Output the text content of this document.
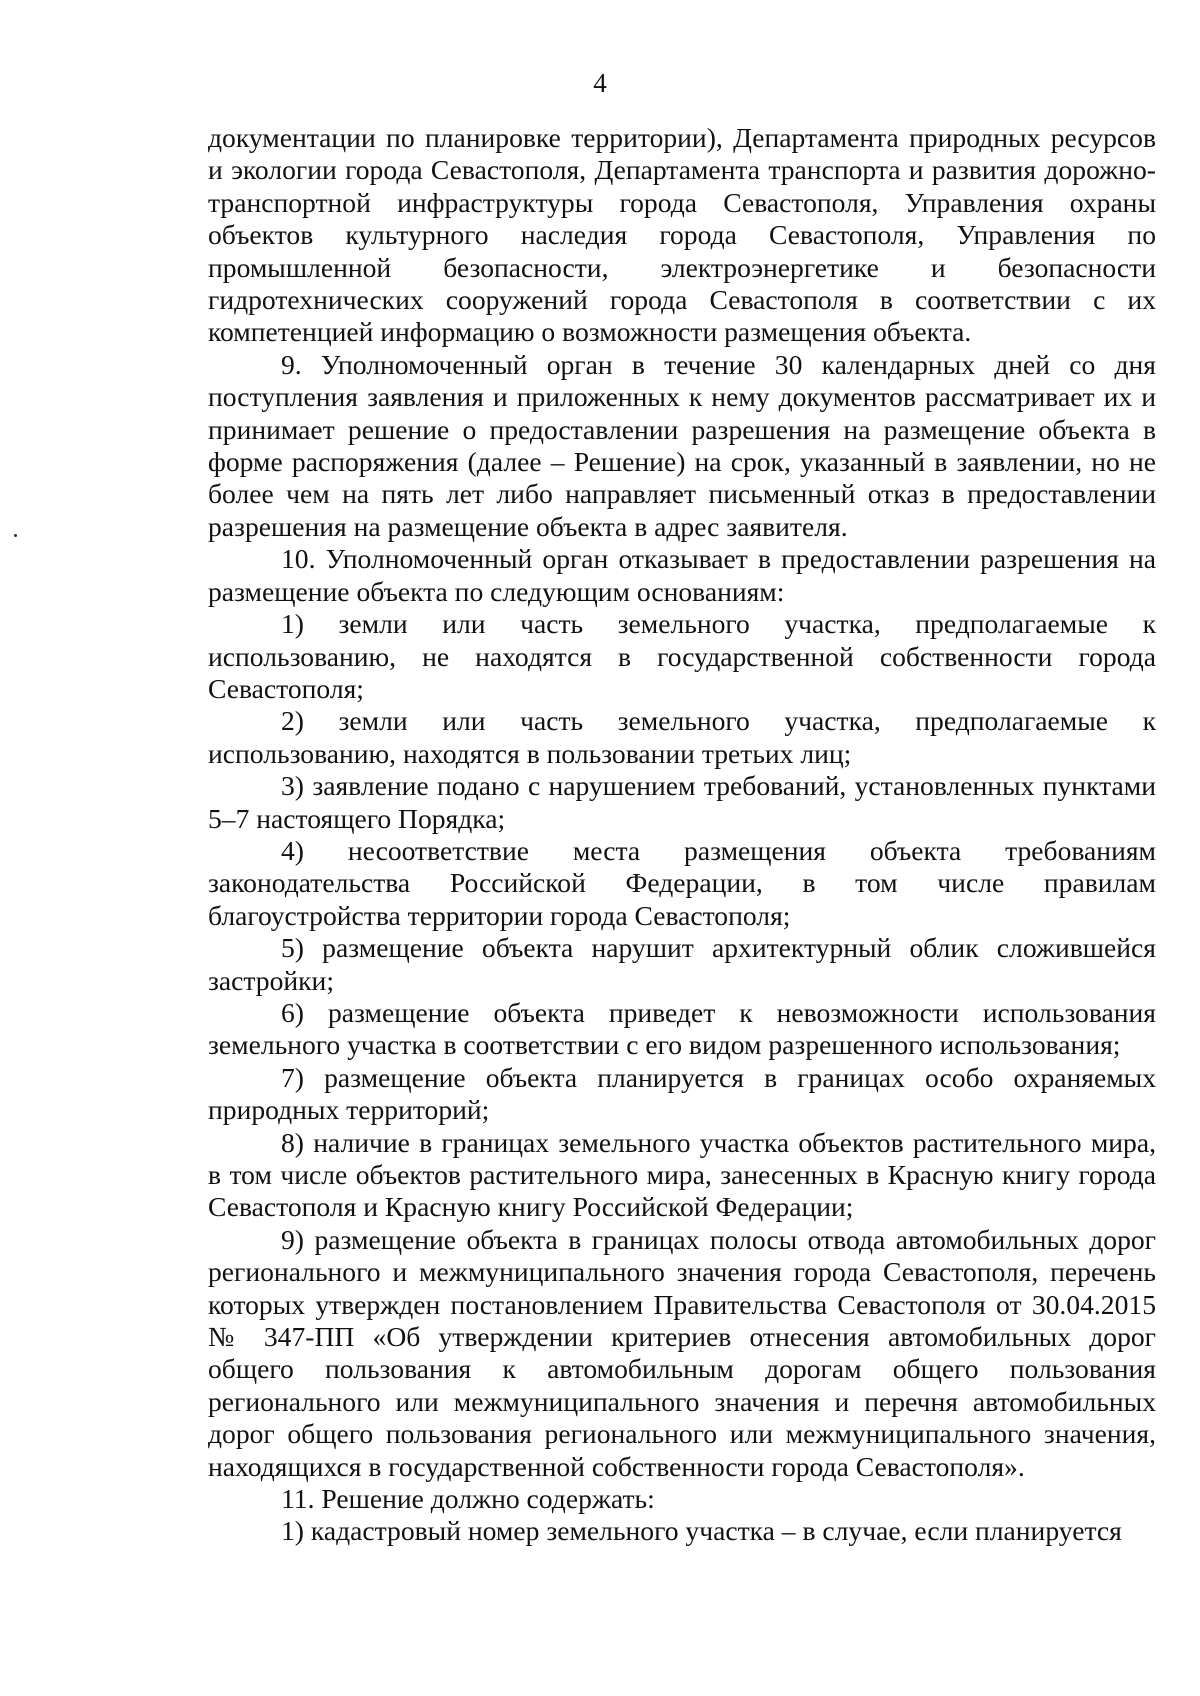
4

документации по планировке территории), Департамента природных ресурсов и экологии города Севастополя, Департамента транспорта и развития дорожно-транспортной инфраструктуры города Севастополя, Управления охраны объектов культурного наследия города Севастополя, Управления по промышленной безопасности, электроэнергетике и безопасности гидротехнических сооружений города Севастополя в соответствии с их компетенцией информацию о возможности размещения объекта.

9. Уполномоченный орган в течение 30 календарных дней со дня поступления заявления и приложенных к нему документов рассматривает их и принимает решение о предоставлении разрешения на размещение объекта в форме распоряжения (далее – Решение) на срок, указанный в заявлении, но не более чем на пять лет либо направляет письменный отказ в предоставлении разрешения на размещение объекта в адрес заявителя.

10. Уполномоченный орган отказывает в предоставлении разрешения на размещение объекта по следующим основаниям:

1) земли или часть земельного участка, предполагаемые к использованию, не находятся в государственной собственности города Севастополя;

2) земли или часть земельного участка, предполагаемые к использованию, находятся в пользовании третьих лиц;

3) заявление подано с нарушением требований, установленных пунктами 5–7 настоящего Порядка;

4) несоответствие места размещения объекта требованиям законодательства Российской Федерации, в том числе правилам благоустройства территории города Севастополя;

5) размещение объекта нарушит архитектурный облик сложившейся застройки;

6) размещение объекта приведет к невозможности использования земельного участка в соответствии с его видом разрешенного использования;

7) размещение объекта планируется в границах особо охраняемых природных территорий;

8) наличие в границах земельного участка объектов растительного мира, в том числе объектов растительного мира, занесенных в Красную книгу города Севастополя и Красную книгу Российской Федерации;

9) размещение объекта в границах полосы отвода автомобильных дорог регионального и межмуниципального значения города Севастополя, перечень которых утвержден постановлением Правительства Севастополя от 30.04.2015 № 347-ПП «Об утверждении критериев отнесения автомобильных дорог общего пользования к автомобильным дорогам общего пользования регионального или межмуниципального значения и перечня автомобильных дорог общего пользования регионального или межмуниципального значения, находящихся в государственной собственности города Севастополя».

11. Решение должно содержать:

1) кадастровый номер земельного участка – в случае, если планируется
